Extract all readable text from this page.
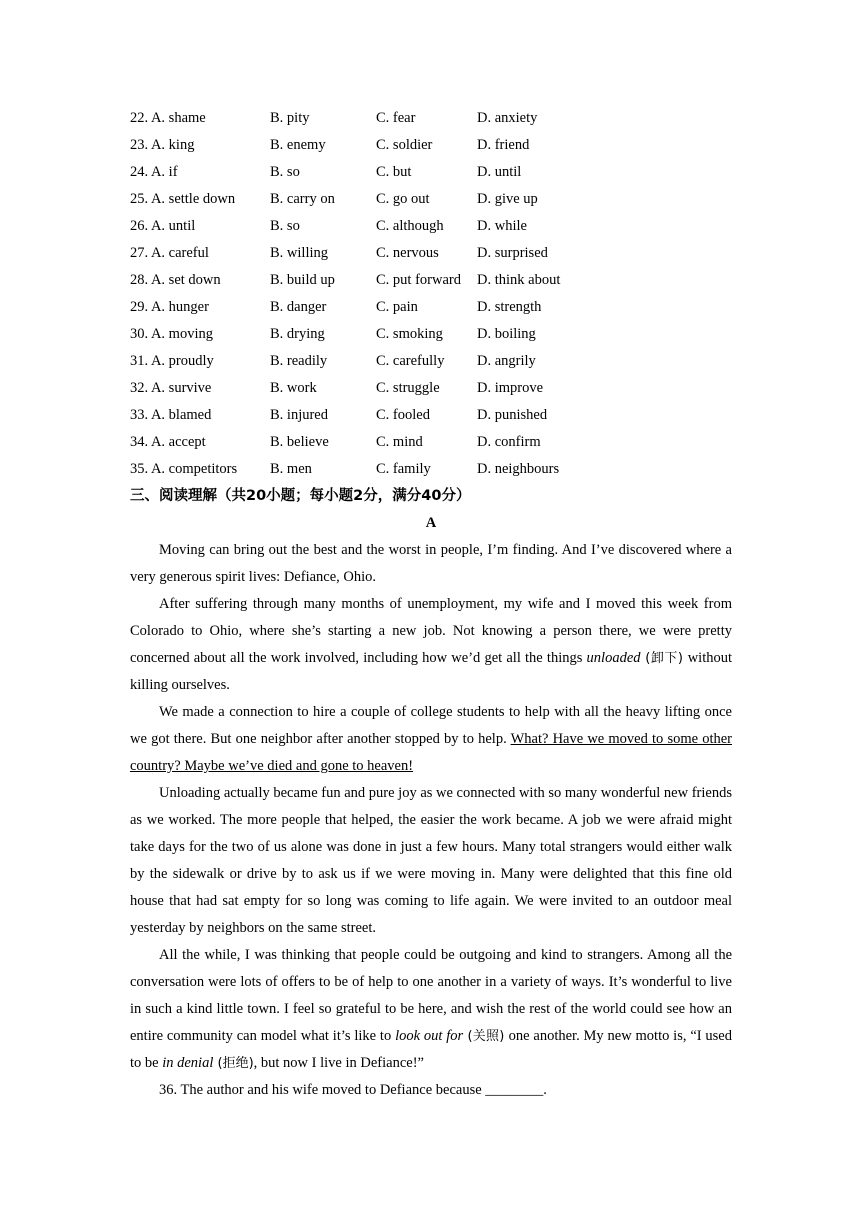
22. A. shame	B. pity	C. fear	D. anxiety
23. A. king	B. enemy	C. soldier	D. friend
24. A. if	B. so	C. but	D. until
25. A. settle down B. carry on	C. go out	D. give up
26. A. until	B. so	C. although D. while
27. A. careful	B. willing	C. nervous	D. surprised
28. A. set down	B. build up	C. put forward D. think about
29. A. hunger	B. danger	C. pain	D. strength
30. A. moving	B. drying	C. smoking D. boiling
31. A. proudly	B. readily	C. carefully D. angrily
32. A. survive	B. work	C. struggle	D. improve
33. A. blamed	B. injured	C. fooled	D. punished
34. A. accept	B. believe	C. mind	D. confirm
35. A. competitors B. men	C. family	D. neighbours
三、阅读理解（共20小题；每小题2分，满分40分）
A

Moving can bring out the best and the worst in people, I’m finding. And I’ve discovered where a very generous spirit lives: Defiance, Ohio.

After suffering through many months of unemployment, my wife and I moved this week from Colorado to Ohio, where she’s starting a new job. Not knowing a person there, we were pretty concerned about all the work involved, including how we’d get all the things unloaded (卸下) without killing ourselves.

We made a connection to hire a couple of college students to help with all the heavy lifting once we got there. But one neighbor after another stopped by to help. What? Have we moved to some other country? Maybe we’ve died and gone to heaven!

Unloading actually became fun and pure joy as we connected with so many wonderful new friends as we worked. The more people that helped, the easier the work became. A job we were afraid might take days for the two of us alone was done in just a few hours. Many total strangers would either walk by the sidewalk or drive by to ask us if we were moving in. Many were delighted that this fine old house that had sat empty for so long was coming to life again. We were invited to an outdoor meal yesterday by neighbors on the same street.

All the while, I was thinking that people could be outgoing and kind to strangers. Among all the conversation were lots of offers to be of help to one another in a variety of ways. It’s wonderful to live in such a kind little town. I feel so grateful to be here, and wish the rest of the world could see how an entire community can model what it’s like to look out for (关照) one another. My new motto is, “I used to be in denial (拒绝), but now I live in Defiance!”

36. The author and his wife moved to Defiance because ________.
